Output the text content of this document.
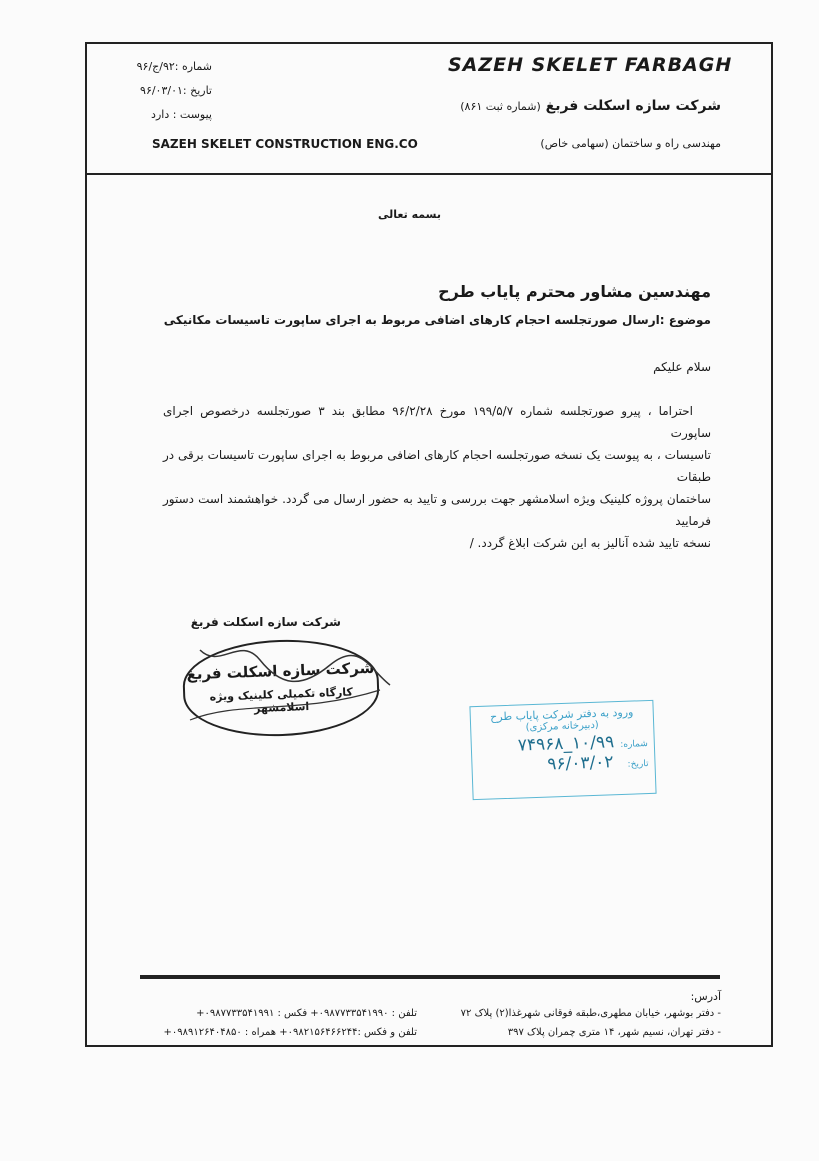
SAZEH SKELET FARBAGH
شرکت سازه اسکلت فربغ (شماره ثبت ۸۶۱)
مهندسی راه و ساختمان (سهامی خاص)
شماره :۹۲/ج/۹۶
تاریخ :۹۶/۰۳/۰۱
پیوست : دارد
SAZEH SKELET CONSTRUCTION ENG.CO
بسمه تعالی
مهندسین مشاور محترم پایاب طرح
موضوع :ارسال صورتجلسه احجام کارهای اضافی مربوط به اجرای ساپورت تاسیسات مکانیکی
سلام علیکم
احتراما ، پیرو صورتجلسه شماره ۱۹۹/۵/۷ مورخ ۹۶/۲/۲۸ مطابق بند ۳ صورتجلسه درخصوص اجرای ساپورت
تاسیسات ، به پیوست یک نسخه صورتجلسه احجام کارهای اضافی مربوط به اجرای ساپورت تاسیسات برقی در طبقات
ساختمان پروژه کلینیک ویژه اسلامشهر جهت بررسی و تایید به حضور ارسال می گردد. خواهشمند است دستور فرمایید
نسخه تایید شده آنالیز به این شرکت ابلاغ گردد. /
شرکت سازه اسکلت فربغ
شرکت سازه اسکلت فربغ
کارگاه تکمیلی کلینیک ویژه اسلامشهر	ورود به دفتر شرکت پایاب طرح
(دبیرخانه مرکزی)
شماره:
۱۰/۹۹_۷۴۹۶۸
تاریخ:
۹۶/۰۳/۰۲
آدرس:
- دفتر بوشهر، خیابان مطهری،طبقه فوقانی شهرغذا(۲) پلاک ۷۲
تلفن : ۰۹۸۷۷۳۳۵۴۱۹۹۰+ فکس : ۰۹۸۷۷۳۳۵۴۱۹۹۱+
- دفتر تهران، نسیم شهر، ۱۴ متری چمران پلاک ۳۹۷
تلفن و فکس :۰۹۸۲۱۵۶۴۶۶۲۴۴+ همراه : ۰۹۸۹۱۲۶۴۰۴۸۵۰+
